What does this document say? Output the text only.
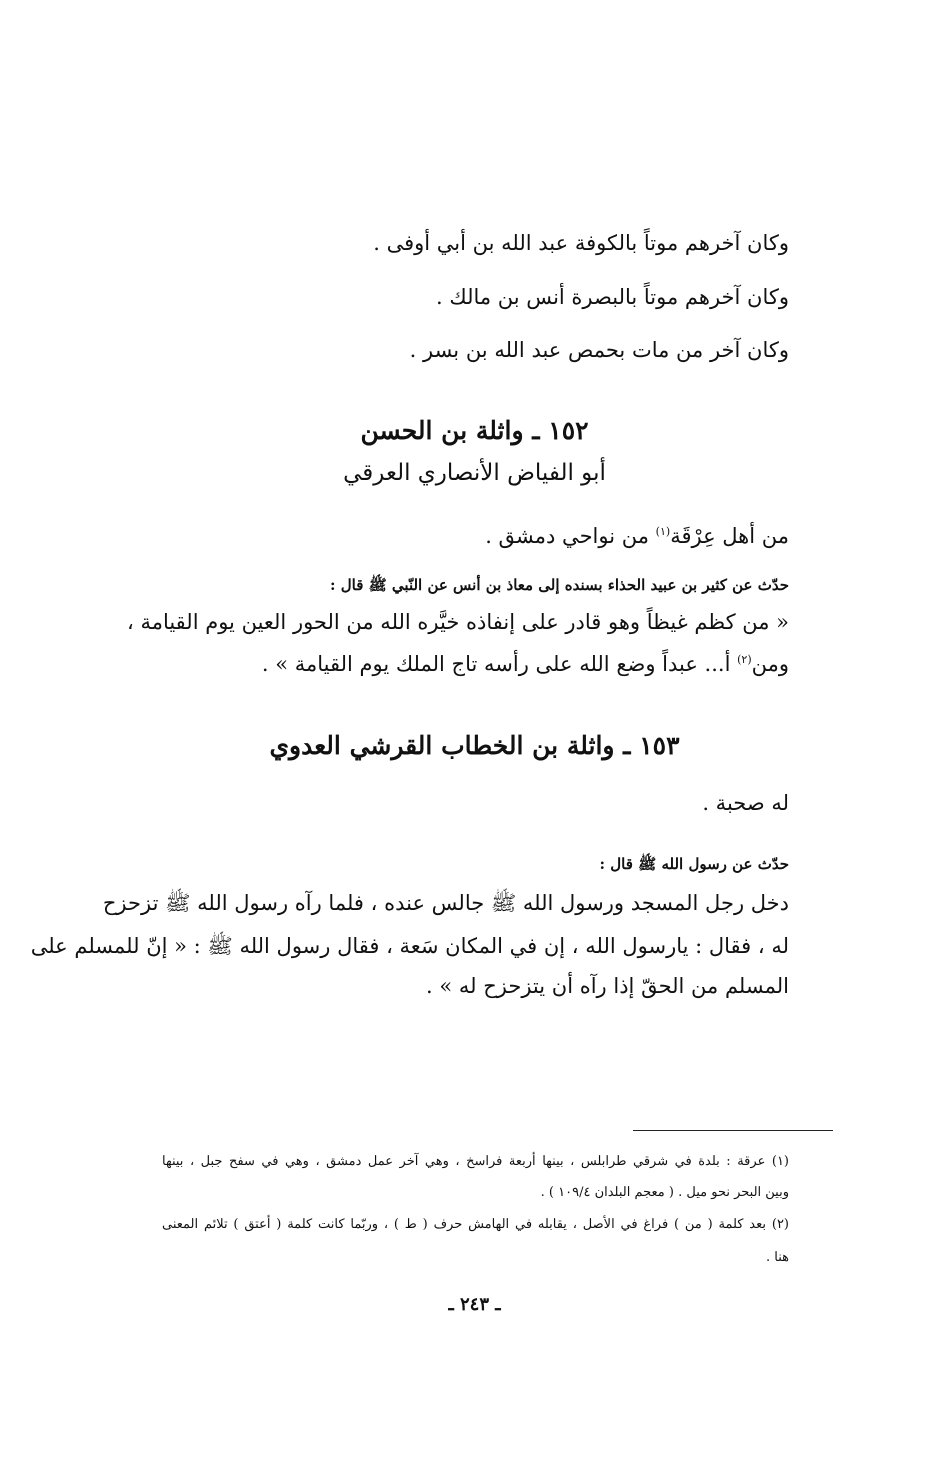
وكان آخرهم موتاً بالكوفة عبد الله بن أبي أوفى .
وكان آخرهم موتاً بالبصرة أنس بن مالك .
وكان آخر من مات بحمص عبد الله بن بسر .
١٥٢ ـ واثلة بن الحسن
أبو الفياض الأنصاري العرقي
من أهل عِرْقَة$^{(١)}$ من نواحي دمشق .
حدّث عن كثير بن عبيد الحذاء بسنده إلى معاذ بن أنس عن النّبي ﷺ قال :
« من كظم غيظاً وهو قادر على إنفاذه خيَّره الله من الحور العين يوم القيامة ،
ومن$^{(٢)}$ أ... عبداً وضع الله على رأسه تاج الملك يوم القيامة » .
١٥٣ ـ واثلة بن الخطاب القرشي العدوي
له صحبة .
حدّث عن رسول الله ﷺ قال :
دخل رجل المسجد ورسول الله ﷺ جالس عنده ، فلما رآه رسول الله ﷺ تزحزح
له ، فقال : يارسول الله ، إن في المكان سَعة ، فقال رسول الله ﷺ : « إنّ للمسلم على
المسلم من الحقّ إذا رآه أن يتزحزح له » .
(١) عرقة : بلدة في شرقي طرابلس ، بينها أربعة فراسخ ، وهي آخر عمل دمشق ، وهي في سفح جبل ، بينها
وبين البحر نحو ميل . ( معجم البلدان ١٠٩/٤ ) .
(٢) بعد كلمة ( من ) فراغ في الأصل ، يقابله في الهامش حرف ( ط ) ، وربّما كانت كلمة ( أعتق ) تلائم المعنى
هنا .
ـ ٢٤٣ ـ
